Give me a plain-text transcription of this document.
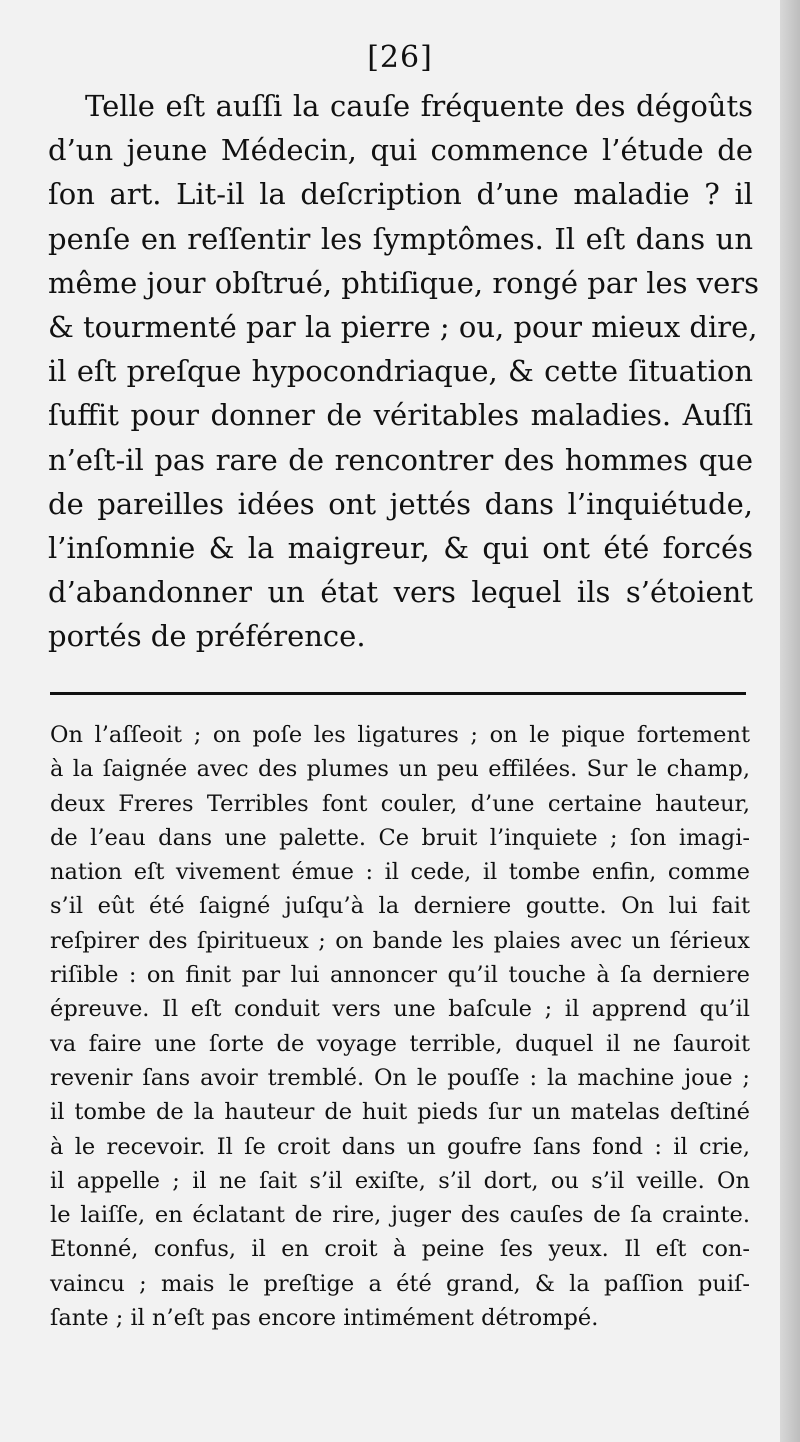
[26]
Telle eſt auſſi la cauſe fréquente des dégoûts
d’un jeune Médecin, qui commence l’étude de
ſon art. Lit-il la deſcription d’une maladie ? il
penſe en reſſentir les ſymptômes. Il eſt dans un
même jour obſtrué, phtiſique, rongé par les vers
& tourmenté par la pierre ; ou, pour mieux dire,
il eſt preſque hypocondriaque, & cette ſituation
ſuffit pour donner de véritables maladies. Auſſi
n’eſt-il pas rare de rencontrer des hommes que
de pareilles idées ont jettés dans l’inquiétude,
l’inſomnie & la maigreur, & qui ont été forcés
d’abandonner un état vers lequel ils s’étoient
portés de préférence.
On l’aſſeoit ; on poſe les ligatures ; on le pique fortement
à la ſaignée avec des plumes un peu effilées. Sur le champ,
deux Freres Terribles font couler, d’une certaine hauteur,
de l’eau dans une palette. Ce bruit l’inquiete ; ſon imagi-
nation eſt vivement émue : il cede, il tombe enfin, comme
s’il eût été ſaigné juſqu’à la derniere goutte. On lui fait
reſpirer des ſpiritueux ; on bande les plaies avec un ſérieux
riſible : on finit par lui annoncer qu’il touche à ſa derniere
épreuve. Il eſt conduit vers une baſcule ; il apprend qu’il
va faire une ſorte de voyage terrible, duquel il ne ſauroit
revenir ſans avoir tremblé. On le pouſſe : la machine joue ;
il tombe de la hauteur de huit pieds ſur un matelas deſtiné
à le recevoir. Il ſe croit dans un goufre ſans fond : il crie,
il appelle ; il ne ſait s’il exiſte, s’il dort, ou s’il veille. On
le laiſſe, en éclatant de rire, juger des cauſes de ſa crainte.
Etonné, confus, il en croit à peine ſes yeux. Il eſt con-
vaincu ; mais le preſtige a été grand, & la paſſion puiſ-
ſante ; il n’eſt pas encore intimément détrompé.
